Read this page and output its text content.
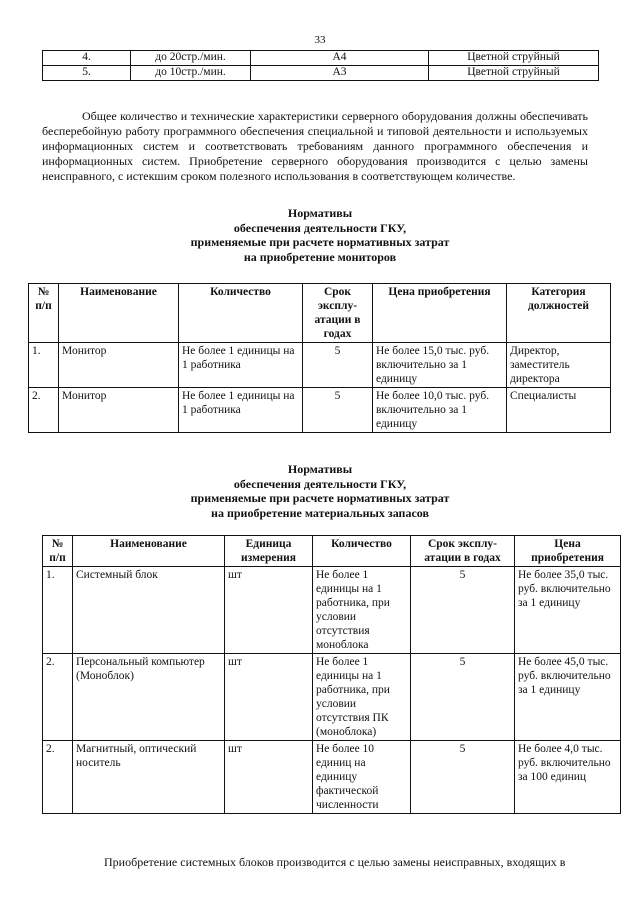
33
4.	до 20стр./мин.	А4	Цветной струйный
5.	до 10стр./мин.	А3	Цветной струйный

Общее количество и технические характеристики серверного оборудования должны обеспечивать бесперебойную работу программного обеспечения специальной и типовой деятельности и используемых информационных систем и соответствовать требованиям данного программного обеспечения и информационных систем. Приобретение серверного оборудования производится с целью замены неисправного, с истекшим сроком полезного использования в соответствующем количестве.

Нормативы
обеспечения деятельности ГКУ,
применяемые при расчете нормативных затрат
на приобретение мониторов
№ п/п	Наименование	Количество	Срок эксплу-атации в годах	Цена приобретения	Категория должностей
1.	Монитор	Не более 1 единицы на 1 работника	5	Не более 15,0 тыс. руб. включительно за 1 единицу	Директор, заместитель директора
2.	Монитор	Не более 1 единицы на 1 работника	5	Не более 10,0 тыс. руб. включительно за 1 единицу	Специалисты
Нормативы
обеспечения деятельности ГКУ,
применяемые при расчете нормативных затрат
на приобретение материальных запасов
№ п/п	Наименование	Единица измерения	Количество	Срок эксплу-атации в годах	Цена приобретения
1.	Системный блок	шт	Не более 1 единицы на 1 работника, при условии отсутствия моноблока	5	Не более 35,0 тыс. руб. включительно за 1 единицу
2.	Персональный компьютер (Моноблок)	шт	Не более 1 единицы на 1 работника, при условии отсутствия ПК (моноблока)	5	Не более 45,0 тыс. руб. включительно за 1 единицу
2.	Магнитный, оптический носитель	шт	Не более 10 единиц на единицу фактической численности	5	Не более 4,0 тыс. руб. включительно за 100 единиц

Приобретение системных блоков производится с целью замены неисправных, входящих в
